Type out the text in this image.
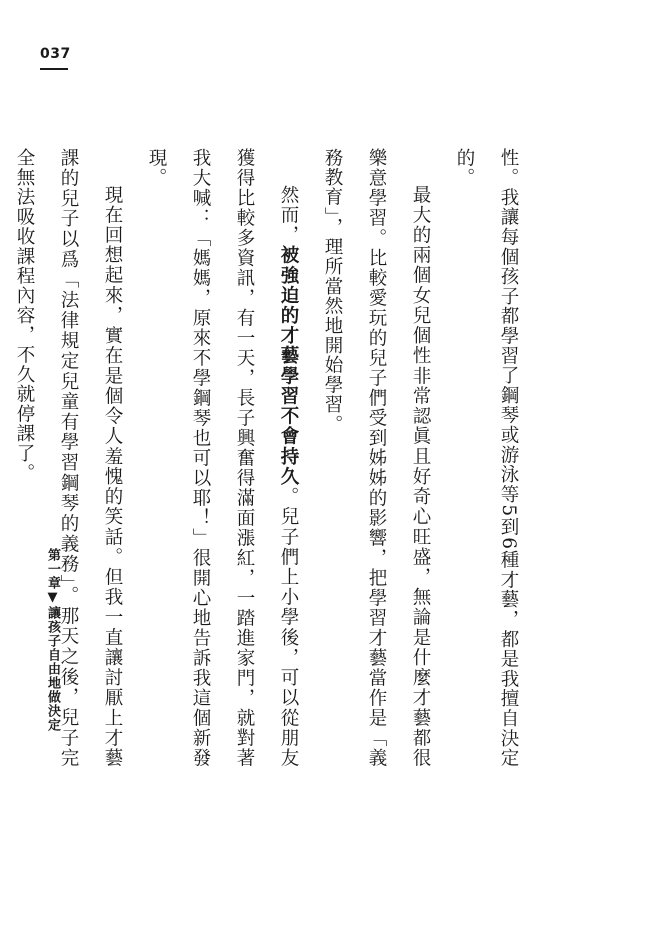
037

性。我讓每個孩子都學習了鋼琴或游泳等5到6種才藝，都是我擅自決定的。

最大的兩個女兒個性非常認眞且好奇心旺盛，無論是什麼才藝都很樂意學習。比較愛玩的兒子們受到姊姊的影響，把學習才藝當作是「義務教育」，理所當然地開始學習。

然而，被強迫的才藝學習不會持久。兒子們上小學後，可以從朋友獲得比較多資訊，有一天，長子興奮得滿面漲紅，一踏進家門，就對著我大喊：「媽媽，原來不學鋼琴也可以耶！」很開心地告訴我這個新發現。

現在回想起來，實在是個令人羞愧的笑話。但我一直讓討厭上才藝課的兒子以爲「法律規定兒童有學習鋼琴的義務」。那天之後，兒子完全無法吸收課程內容，不久就停課了。

第一章▼讓孩子自由地做決定
